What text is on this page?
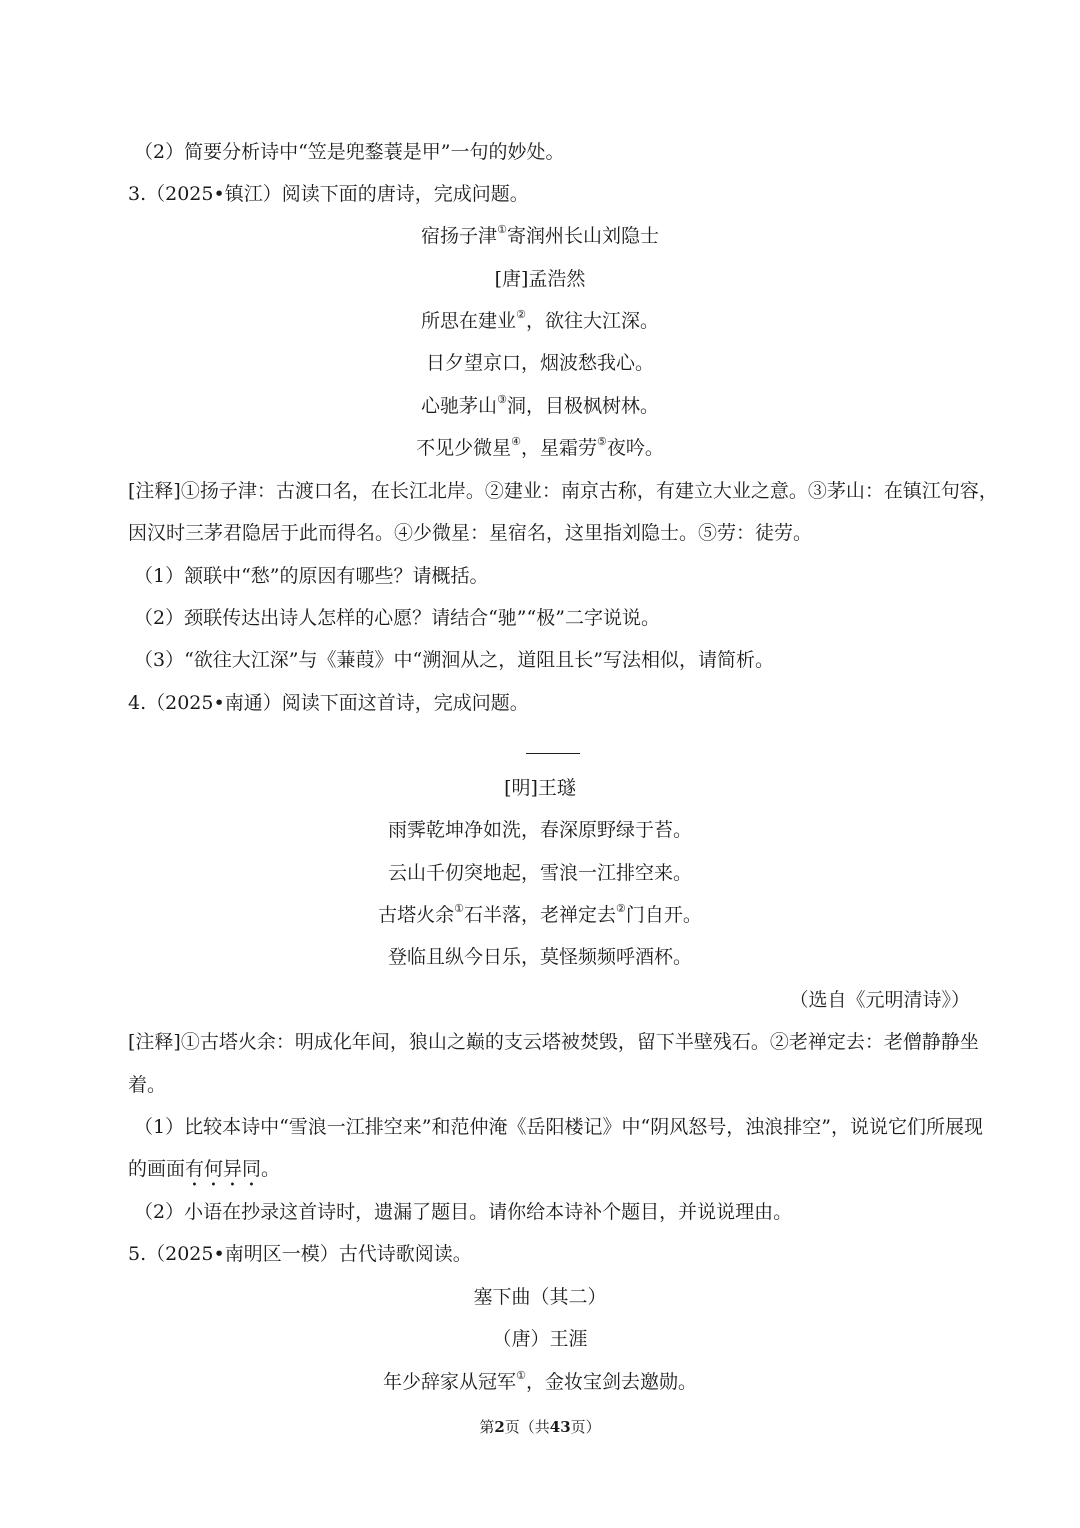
（2）简要分析诗中“笠是兜鍪蓑是甲”一句的妙处。
3.（2025•镇江）阅读下面的唐诗，完成问题。
宿扬子津①寄润州长山刘隐士
[唐]孟浩然
所思在建业②，欲往大江深。
日夕望京口，烟波愁我心。
心驰茅山③洞，目极枫树林。
不见少微星④，星霜劳⑤夜吟。
[注释]①扬子津：古渡口名，在长江北岸。②建业：南京古称，有建立大业之意。③茅山：在镇江句容，
因汉时三茅君隐居于此而得名。④少微星：星宿名，这里指刘隐士。⑤劳：徒劳。
（1）颔联中“愁”的原因有哪些？请概括。
（2）颈联传达出诗人怎样的心愿？请结合“驰”“极”二字说说。
（3）“欲往大江深”与《蒹葭》中“溯洄从之，道阻且长”写法相似，请简析。
4.（2025•南通）阅读下面这首诗，完成问题。
[明]王璲
雨霁乾坤净如洗，春深原野绿于苔。
云山千仞突地起，雪浪一江排空来。
古塔火余①石半落，老禅定去②门自开。
登临且纵今日乐，莫怪频频呼酒杯。
（选自《元明清诗》）
[注释]①古塔火余：明成化年间，狼山之巅的支云塔被焚毁，留下半壁残石。②老禅定去：老僧静静坐
着。
（1）比较本诗中“雪浪一江排空来”和范仲淹《岳阳楼记》中“阴风怒号，浊浪排空”，说说它们所展现
的画面有何异同。
（2）小语在抄录这首诗时，遗漏了题目。请你给本诗补个题目，并说说理由。
5.（2025•南明区一模）古代诗歌阅读。
塞下曲（其二）
（唐）王涯
年少辞家从冠军①，金妆宝剑去邀勋。
第2页（共43页）
